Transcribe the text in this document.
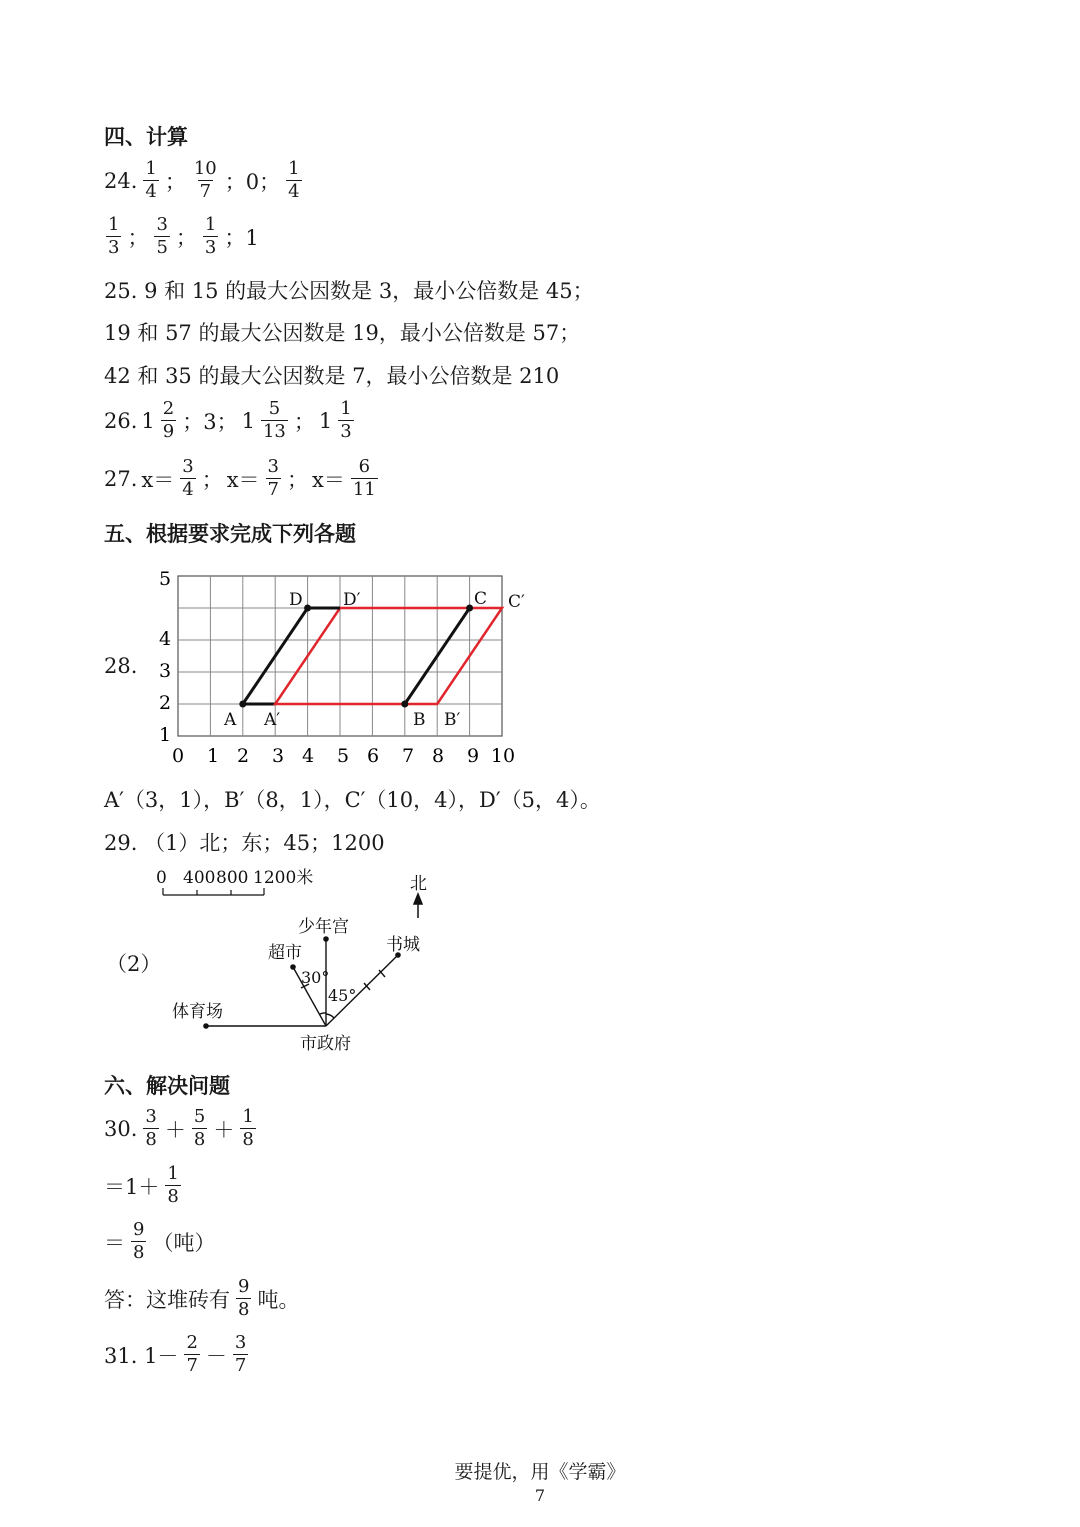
四、计算
24. $\frac{1}{4}$ ； $\frac{10}{7}$ ；0； $\frac{1}{4}$
$\frac{1}{3}$ ； $\frac{3}{5}$ ； $\frac{1}{3}$ ；1
25. 9 和 15 的最大公因数是 3，最小公倍数是 45；
19 和 57 的最大公因数是 19，最小公倍数是 57；
42 和 35 的最大公因数是 7，最小公倍数是 210
26. $1 \frac{2}{9}$ ；3； $1 \frac{5}{13}$ ； $1 \frac{1}{3}$
27. $x= \frac{3}{4}$ ； $x= \frac{3}{7}$ ； $x= \frac{6}{11}$
五、根据要求完成下列各题
28.
1
2
3
4
5
0 1 2 3 4 5 6 7 8 9 10
A A′	B B′
C C′
D D′
A′（3，1），B′（8，1），C′（10，4），D′（5，4）。
29. （1）北；东；45；1200
（2）
0 400 800 1200米	北
市政府
体育场
超市
少年宫
书城
30°
45°
六、解决问题
30. $\frac{3}{8} + \frac{5}{8} + \frac{1}{8}$
$=1+ \frac{1}{8}$
＝ $\frac{9}{8}$ （吨）
答：这堆砖有 $\frac{9}{8}$ 吨。
31. $1- \frac{2}{7} - \frac{3}{7}$
要提优，用《学霸》
7
